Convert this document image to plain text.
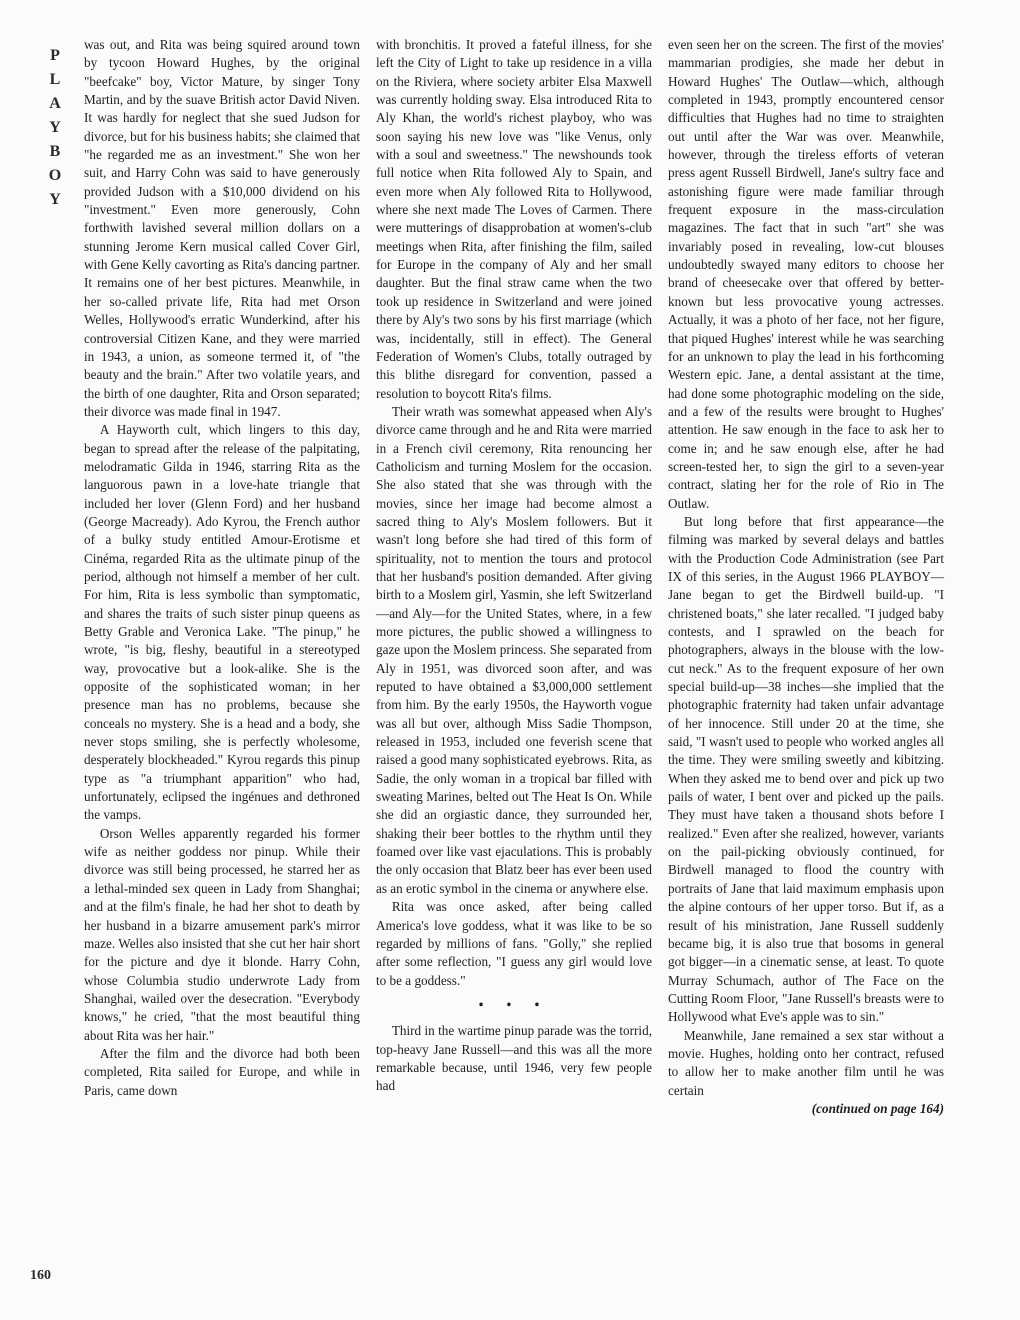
P
L
A
Y
B
O
Y

was out, and Rita was being squired around town by tycoon Howard Hughes, by the original "beefcake" boy, Victor Mature, by singer Tony Martin, and by the suave British actor David Niven. It was hardly for neglect that she sued Judson for divorce, but for his business habits; she claimed that "he regarded me as an investment." She won her suit, and Harry Cohn was said to have generously provided Judson with a $10,000 dividend on his "investment." Even more generously, Cohn forthwith lavished several million dollars on a stunning Jerome Kern musical called Cover Girl, with Gene Kelly cavorting as Rita's dancing partner. It remains one of her best pictures. Meanwhile, in her so-called private life, Rita had met Orson Welles, Hollywood's erratic Wunderkind, after his controversial Citizen Kane, and they were married in 1943, a union, as someone termed it, of "the beauty and the brain." After two volatile years, and the birth of one daughter, Rita and Orson separated; their divorce was made final in 1947.

A Hayworth cult, which lingers to this day, began to spread after the release of the palpitating, melodramatic Gilda in 1946, starring Rita as the languorous pawn in a love-hate triangle that included her lover (Glenn Ford) and her husband (George Macready). Ado Kyrou, the French author of a bulky study entitled Amour-Erotisme et Cinéma, regarded Rita as the ultimate pinup of the period, although not himself a member of her cult. For him, Rita is less symbolic than symptomatic, and shares the traits of such sister pinup queens as Betty Grable and Veronica Lake. "The pinup," he wrote, "is big, fleshy, beautiful in a stereotyped way, provocative but a look-alike. She is the opposite of the sophisticated woman; in her presence man has no problems, because she conceals no mystery. She is a head and a body, she never stops smiling, she is perfectly wholesome, desperately blockheaded." Kyrou regards this pinup type as "a triumphant apparition" who had, unfortunately, eclipsed the ingénues and dethroned the vamps.

Orson Welles apparently regarded his former wife as neither goddess nor pinup. While their divorce was still being processed, he starred her as a lethal-minded sex queen in Lady from Shanghai; and at the film's finale, he had her shot to death by her husband in a bizarre amusement park's mirror maze. Welles also insisted that she cut her hair short for the picture and dye it blonde. Harry Cohn, whose Columbia studio underwrote Lady from Shanghai, wailed over the desecration. "Everybody knows," he cried, "that the most beautiful thing about Rita was her hair."

After the film and the divorce had both been completed, Rita sailed for Europe, and while in Paris, came down

with bronchitis. It proved a fateful illness, for she left the City of Light to take up residence in a villa on the Riviera, where society arbiter Elsa Maxwell was currently holding sway. Elsa introduced Rita to Aly Khan, the world's richest playboy, who was soon saying his new love was "like Venus, only with a soul and sweetness." The newshounds took full notice when Rita followed Aly to Spain, and even more when Aly followed Rita to Hollywood, where she next made The Loves of Carmen. There were mutterings of disapprobation at women's-club meetings when Rita, after finishing the film, sailed for Europe in the company of Aly and her small daughter. But the final straw came when the two took up residence in Switzerland and were joined there by Aly's two sons by his first marriage (which was, incidentally, still in effect). The General Federation of Women's Clubs, totally outraged by this blithe disregard for convention, passed a resolution to boycott Rita's films.

Their wrath was somewhat appeased when Aly's divorce came through and he and Rita were married in a French civil ceremony, Rita renouncing her Catholicism and turning Moslem for the occasion. She also stated that she was through with the movies, since her image had become almost a sacred thing to Aly's Moslem followers. But it wasn't long before she had tired of this form of spirituality, not to mention the tours and protocol that her husband's position demanded. After giving birth to a Moslem girl, Yasmin, she left Switzerland—and Aly—for the United States, where, in a few more pictures, the public showed a willingness to gaze upon the Moslem princess. She separated from Aly in 1951, was divorced soon after, and was reputed to have obtained a $3,000,000 settlement from him. By the early 1950s, the Hayworth vogue was all but over, although Miss Sadie Thompson, released in 1953, included one feverish scene that raised a good many sophisticated eyebrows. Rita, as Sadie, the only woman in a tropical bar filled with sweating Marines, belted out The Heat Is On. While she did an orgiastic dance, they surrounded her, shaking their beer bottles to the rhythm until they foamed over like vast ejaculations. This is probably the only occasion that Blatz beer has ever been used as an erotic symbol in the cinema or anywhere else.

Rita was once asked, after being called America's love goddess, what it was like to be so regarded by millions of fans. "Golly," she replied after some reflection, "I guess any girl would love to be a goddess."

• • •

Third in the wartime pinup parade was the torrid, top-heavy Jane Russell—and this was all the more remarkable because, until 1946, very few people had

even seen her on the screen. The first of the movies' mammarian prodigies, she made her debut in Howard Hughes' The Outlaw—which, although completed in 1943, promptly encountered censor difficulties that Hughes had no time to straighten out until after the War was over. Meanwhile, however, through the tireless efforts of veteran press agent Russell Birdwell, Jane's sultry face and astonishing figure were made familiar through frequent exposure in the mass-circulation magazines. The fact that in such "art" she was invariably posed in revealing, low-cut blouses undoubtedly swayed many editors to choose her brand of cheesecake over that offered by better-known but less provocative young actresses. Actually, it was a photo of her face, not her figure, that piqued Hughes' interest while he was searching for an unknown to play the lead in his forthcoming Western epic. Jane, a dental assistant at the time, had done some photographic modeling on the side, and a few of the results were brought to Hughes' attention. He saw enough in the face to ask her to come in; and he saw enough else, after he had screen-tested her, to sign the girl to a seven-year contract, slating her for the role of Rio in The Outlaw.

But long before that first appearance—the filming was marked by several delays and battles with the Production Code Administration (see Part IX of this series, in the August 1966 PLAYBOY—Jane began to get the Birdwell build-up. "I christened boats," she later recalled. "I judged baby contests, and I sprawled on the beach for photographers, always in the blouse with the low-cut neck." As to the frequent exposure of her own special build-up—38 inches—she implied that the photographic fraternity had taken unfair advantage of her innocence. Still under 20 at the time, she said, "I wasn't used to people who worked angles all the time. They were smiling sweetly and kibitzing. When they asked me to bend over and pick up two pails of water, I bent over and picked up the pails. They must have taken a thousand shots before I realized." Even after she realized, however, variants on the pail-picking obviously continued, for Birdwell managed to flood the country with portraits of Jane that laid maximum emphasis upon the alpine contours of her upper torso. But if, as a result of his ministration, Jane Russell suddenly became big, it is also true that bosoms in general got bigger—in a cinematic sense, at least. To quote Murray Schumach, author of The Face on the Cutting Room Floor, "Jane Russell's breasts were to Hollywood what Eve's apple was to sin."

Meanwhile, Jane remained a sex star without a movie. Hughes, holding onto her contract, refused to allow her to make another film until he was certain

(continued on page 164)

160
